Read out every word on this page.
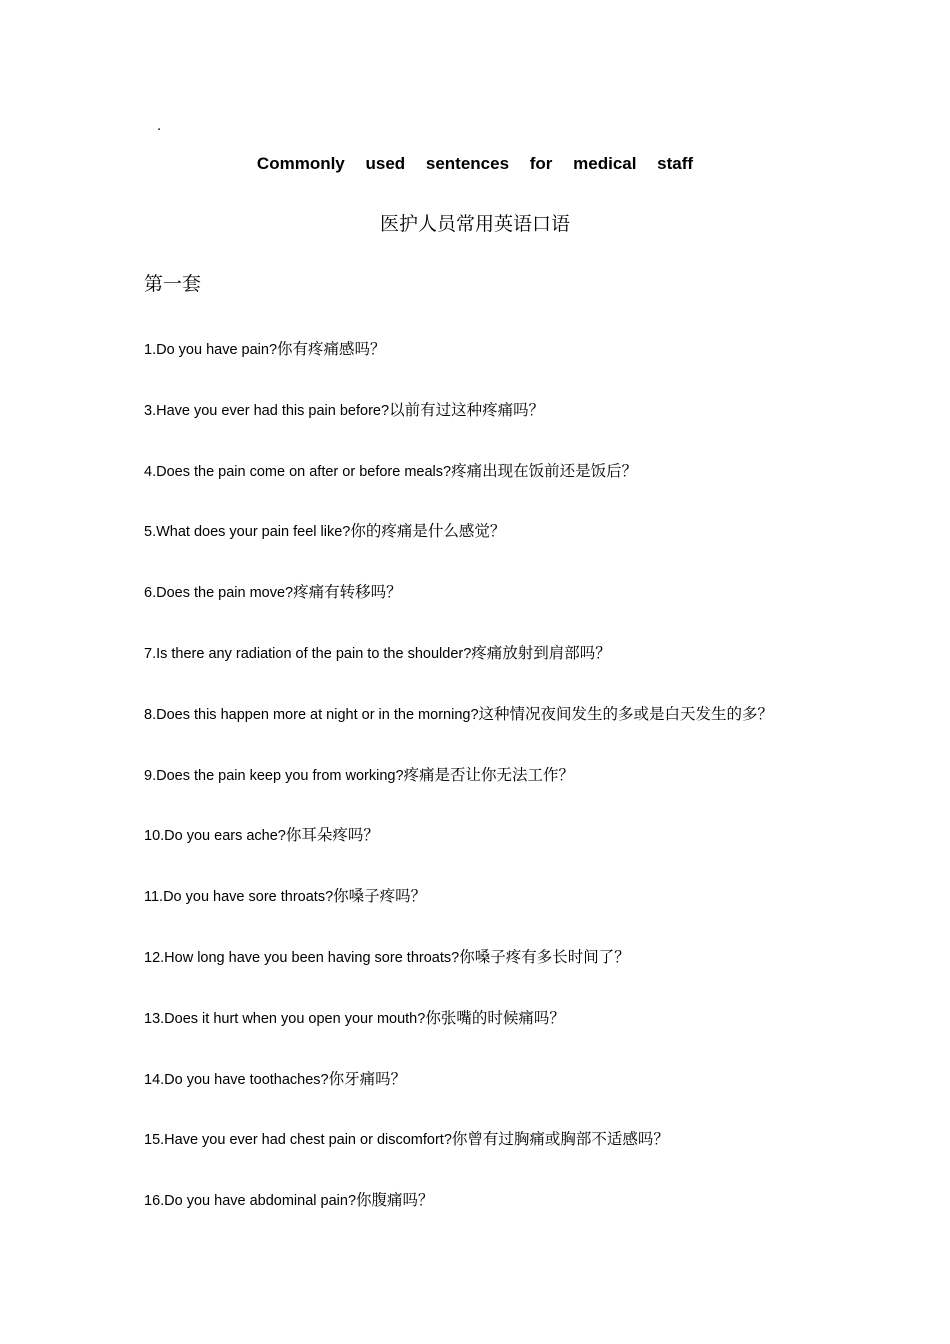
.
Commonly used sentences for medical staff
医护人员常用英语口语
第一套
1.Do you have pain?你有疼痛感吗？
3.Have you ever had this pain before?以前有过这种疼痛吗？
4.Does the pain come on after or before meals?疼痛出现在饭前还是饭后？
5.What does your pain feel like?你的疼痛是什么感觉？
6.Does the pain move?疼痛有转移吗？
7.Is there any radiation of the pain to the shoulder?疼痛放射到肩部吗？
8.Does this happen more at night or in the morning?这种情况夜间发生的多或是白天发生的多？
9.Does the pain keep you from working?疼痛是否让你无法工作？
10.Do you ears ache?你耳朵疼吗？
11.Do you have sore throats?你嗓子疼吗？
12.How long have you been having sore throats?你嗓子疼有多长时间了？
13.Does it hurt when you open your mouth?你张嘴的时候痛吗？
14.Do you have toothaches?你牙痛吗？
15.Have you ever had chest pain or discomfort?你曾有过胸痛或胸部不适感吗？
16.Do you have abdominal pain?你腹痛吗？
